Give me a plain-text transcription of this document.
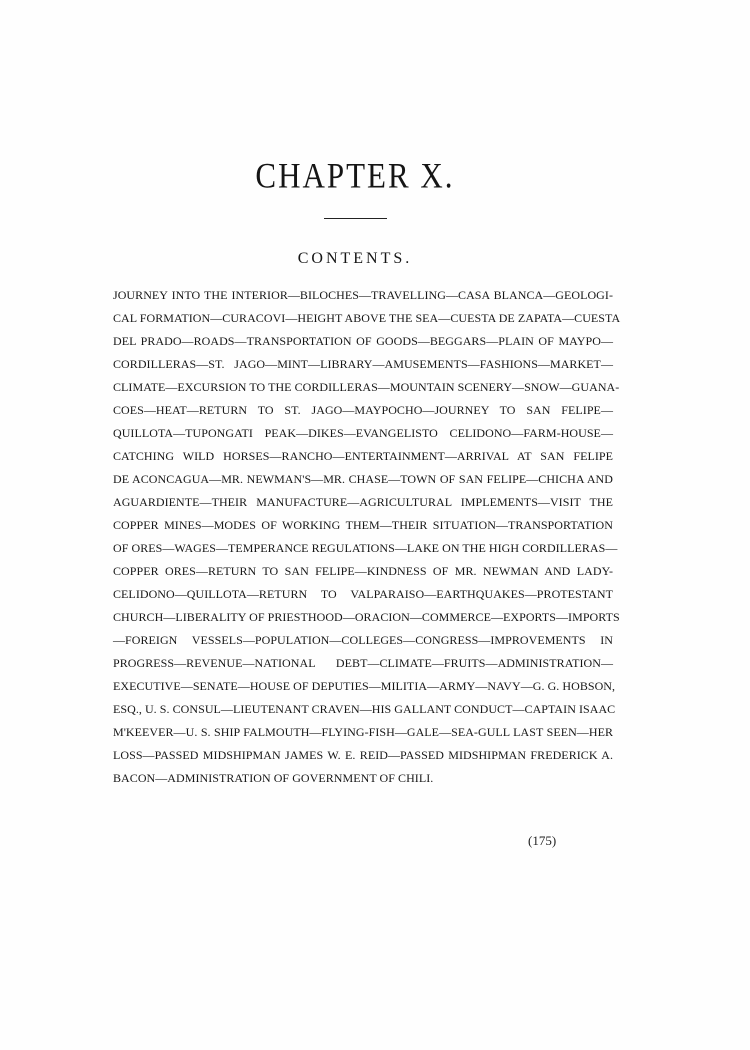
CHAPTER X.
CONTENTS.
JOURNEY INTO THE INTERIOR—BILOCHES—TRAVELLING—CASA BLANCA—GEOLOGI-
CAL FORMATION—CURACOVI—HEIGHT ABOVE THE SEA—CUESTA DE ZAPATA—CUESTA
DEL PRADO—ROADS—TRANSPORTATION OF GOODS—BEGGARS—PLAIN OF MAYPO—
CORDILLERAS—ST. JAGO—MINT—LIBRARY—AMUSEMENTS—FASHIONS—MARKET—
CLIMATE—EXCURSION TO THE CORDILLERAS—MOUNTAIN SCENERY—SNOW—GUANA-
COES—HEAT—RETURN TO ST. JAGO—MAYPOCHO—JOURNEY TO SAN FELIPE—
QUILLOTA—TUPONGATI PEAK—DIKES—EVANGELISTO CELIDONO—FARM-HOUSE—
CATCHING WILD HORSES—RANCHO—ENTERTAINMENT—ARRIVAL AT SAN FELIPE
DE ACONCAGUA—MR. NEWMAN'S—MR. CHASE—TOWN OF SAN FELIPE—CHICHA AND
AGUARDIENTE—THEIR MANUFACTURE—AGRICULTURAL IMPLEMENTS—VISIT THE
COPPER MINES—MODES OF WORKING THEM—THEIR SITUATION—TRANSPORTATION
OF ORES—WAGES—TEMPERANCE REGULATIONS—LAKE ON THE HIGH CORDILLERAS—
COPPER ORES—RETURN TO SAN FELIPE—KINDNESS OF MR. NEWMAN AND LADY-
CELIDONO—QUILLOTA—RETURN TO VALPARAISO—EARTHQUAKES—PROTESTANT
CHURCH—LIBERALITY OF PRIESTHOOD—ORACION—COMMERCE—EXPORTS—IMPORTS
—FOREIGN VESSELS—POPULATION—COLLEGES—CONGRESS—IMPROVEMENTS IN
PROGRESS—REVENUE—NATIONAL DEBT—CLIMATE—FRUITS—ADMINISTRATION—
EXECUTIVE—SENATE—HOUSE OF DEPUTIES—MILITIA—ARMY—NAVY—G. G. HOBSON,
ESQ., U. S. CONSUL—LIEUTENANT CRAVEN—HIS GALLANT CONDUCT—CAPTAIN ISAAC
M'KEEVER—U. S. SHIP FALMOUTH—FLYING-FISH—GALE—SEA-GULL LAST SEEN—HER
LOSS—PASSED MIDSHIPMAN JAMES W. E. REID—PASSED MIDSHIPMAN FREDERICK A.
BACON—ADMINISTRATION OF GOVERNMENT OF CHILI.
(175)
